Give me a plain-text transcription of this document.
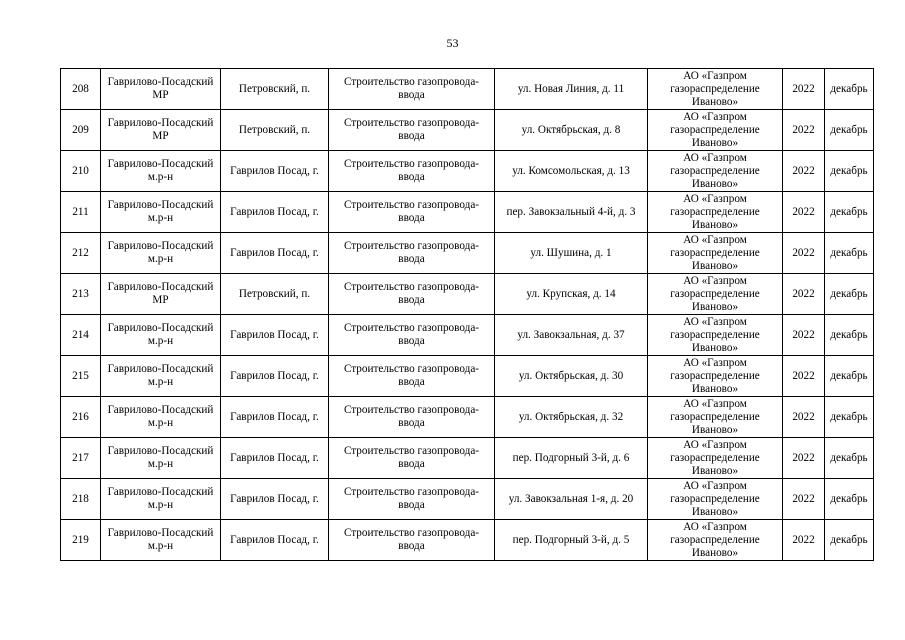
53
208	Гаврилово-Посадский МР	Петровский, п.	Строительство газопровода-ввода	ул. Новая Линия, д. 11	АО «Газпром газораспределение Иваново»	2022	декабрь
209	Гаврилово-Посадский МР	Петровский, п.	Строительство газопровода-ввода	ул. Октябрьская, д. 8	АО «Газпром газораспределение Иваново»	2022	декабрь
210	Гаврилово-Посадский м.р-н	Гаврилов Посад, г.	Строительство газопровода-ввода	ул. Комсомольская, д. 13	АО «Газпром газораспределение Иваново»	2022	декабрь
211	Гаврилово-Посадский м.р-н	Гаврилов Посад, г.	Строительство газопровода-ввода	пер. Завокзальный 4-й, д. 3	АО «Газпром газораспределение Иваново»	2022	декабрь
212	Гаврилово-Посадский м.р-н	Гаврилов Посад, г.	Строительство газопровода-ввода	ул. Шушина, д. 1	АО «Газпром газораспределение Иваново»	2022	декабрь
213	Гаврилово-Посадский МР	Петровский, п.	Строительство газопровода-ввода	ул. Крупская, д. 14	АО «Газпром газораспределение Иваново»	2022	декабрь
214	Гаврилово-Посадский м.р-н	Гаврилов Посад, г.	Строительство газопровода-ввода	ул. Завокзальная, д. 37	АО «Газпром газораспределение Иваново»	2022	декабрь
215	Гаврилово-Посадский м.р-н	Гаврилов Посад, г.	Строительство газопровода-ввода	ул. Октябрьская, д. 30	АО «Газпром газораспределение Иваново»	2022	декабрь
216	Гаврилово-Посадский м.р-н	Гаврилов Посад, г.	Строительство газопровода-ввода	ул. Октябрьская, д. 32	АО «Газпром газораспределение Иваново»	2022	декабрь
217	Гаврилово-Посадский м.р-н	Гаврилов Посад, г.	Строительство газопровода-ввода	пер. Подгорный 3-й, д. 6	АО «Газпром газораспределение Иваново»	2022	декабрь
218	Гаврилово-Посадский м.р-н	Гаврилов Посад, г.	Строительство газопровода-ввода	ул. Завокзальная 1-я, д. 20	АО «Газпром газораспределение Иваново»	2022	декабрь
219	Гаврилово-Посадский м.р-н	Гаврилов Посад, г.	Строительство газопровода-ввода	пер. Подгорный 3-й, д. 5	АО «Газпром газораспределение Иваново»	2022	декабрь
